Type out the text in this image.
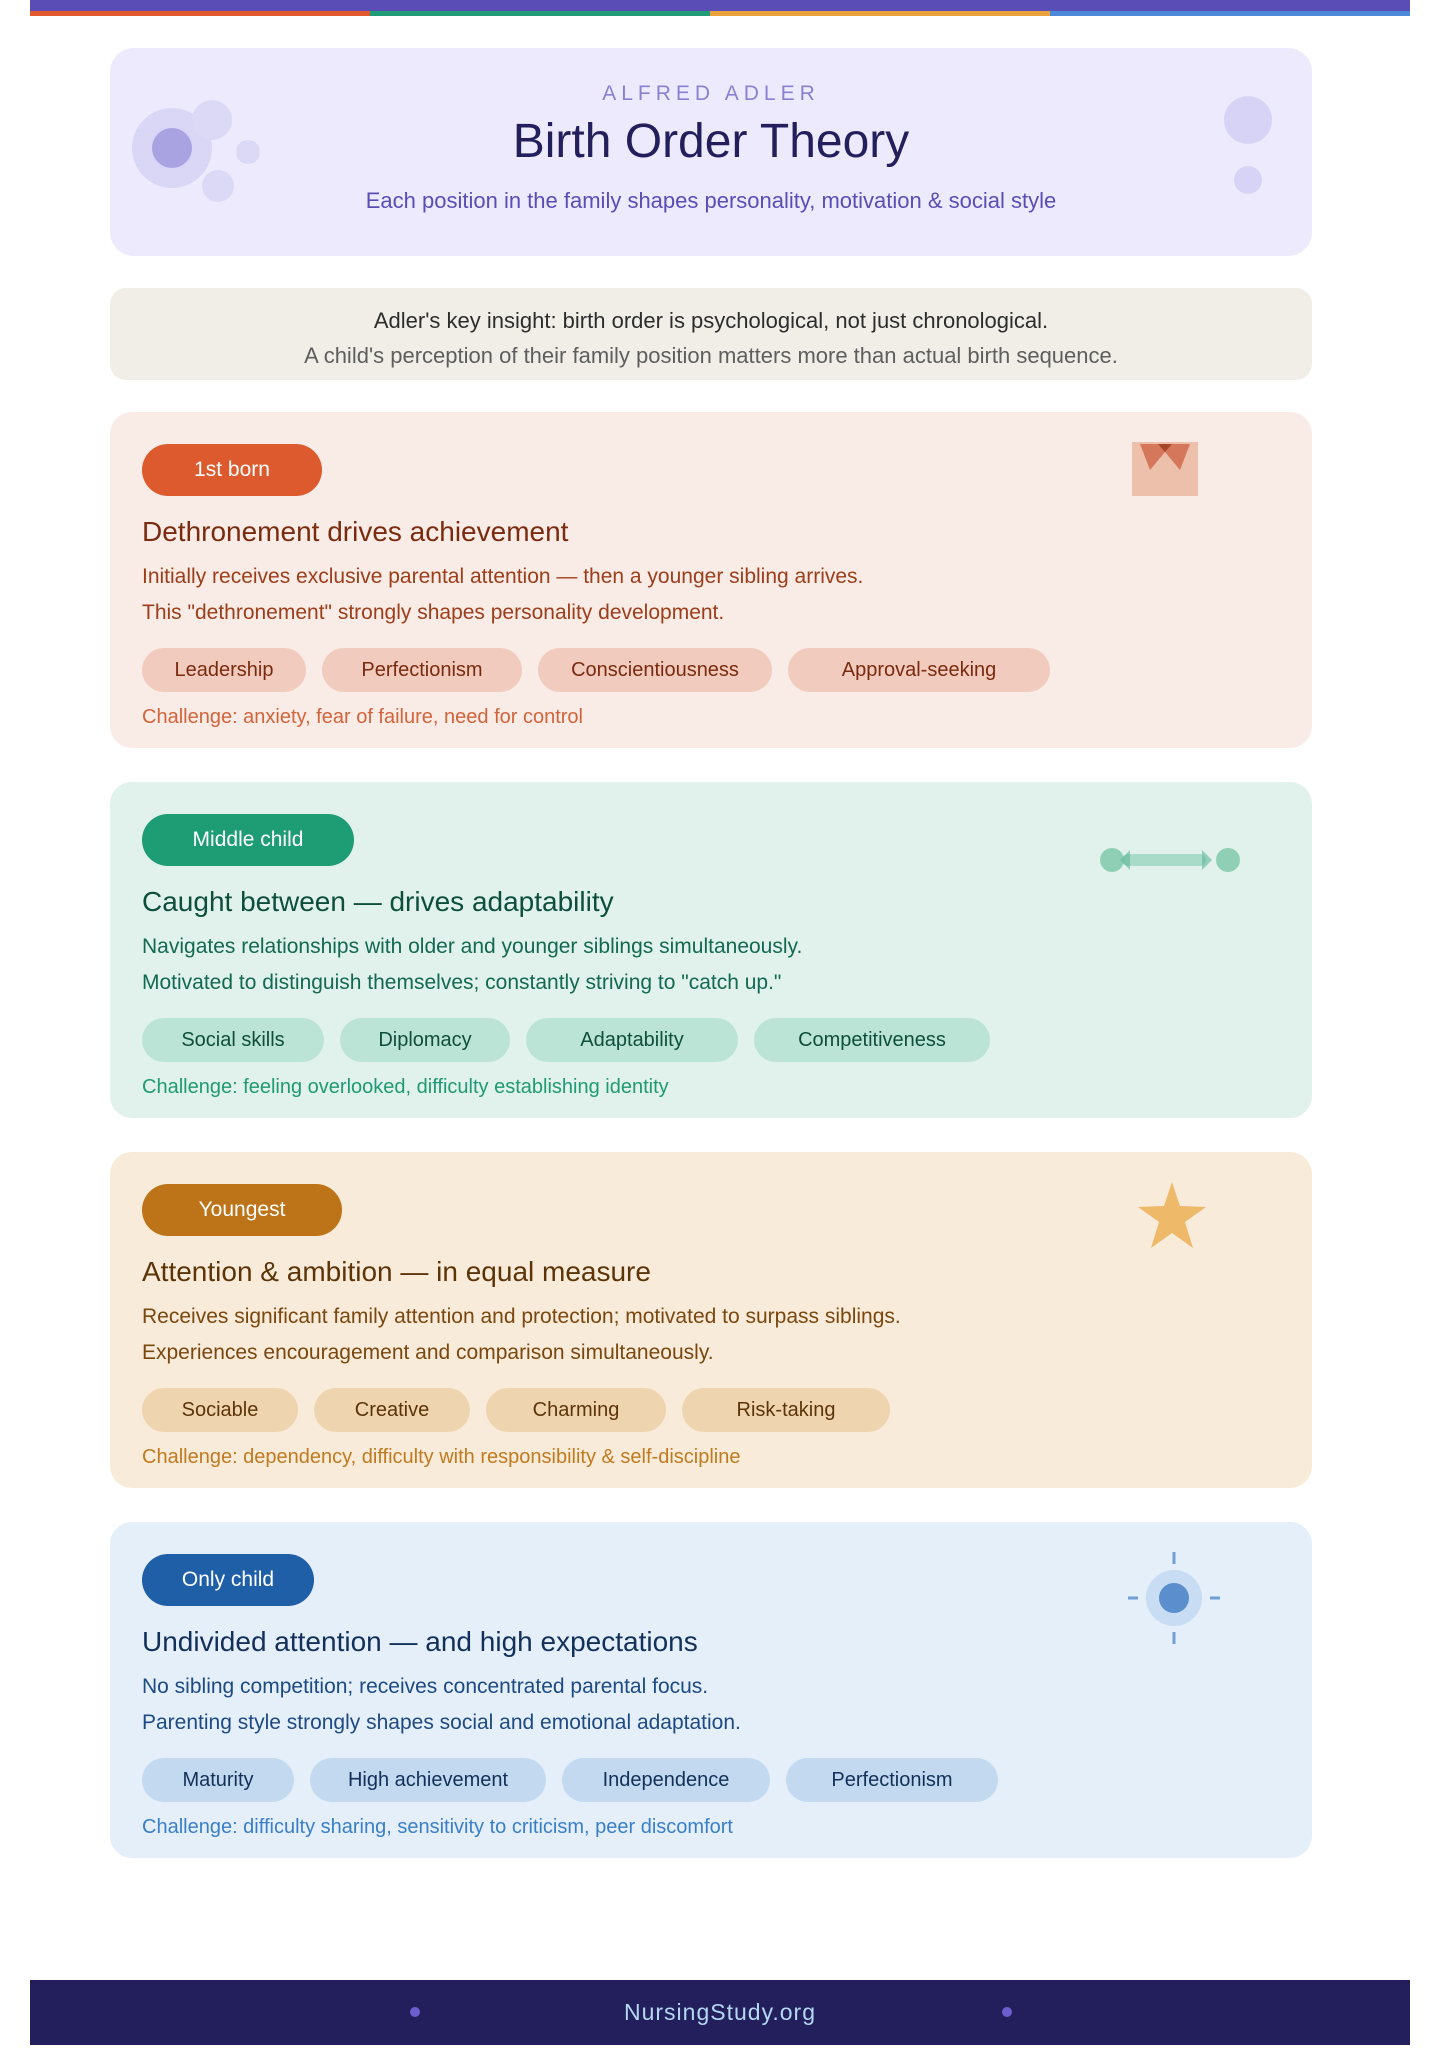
ALFRED ADLER
Birth Order Theory
Each position in the family shapes personality, motivation & social style
Adler's key insight: birth order is psychological, not just chronological.
A child's perception of their family position matters more than actual birth sequence.
1st born
Dethronement drives achievement
Initially receives exclusive parental attention — then a younger sibling arrives.
This "dethronement" strongly shapes personality development.
Leadership	Perfectionism	Conscientiousness	Approval-seeking
Challenge: anxiety, fear of failure, need for control
Middle child
Caught between — drives adaptability
Navigates relationships with older and younger siblings simultaneously.
Motivated to distinguish themselves; constantly striving to "catch up."
Social skills	Diplomacy	Adaptability	Competitiveness
Challenge: feeling overlooked, difficulty establishing identity
Youngest
Attention & ambition — in equal measure
Receives significant family attention and protection; motivated to surpass siblings.
Experiences encouragement and comparison simultaneously.
Sociable	Creative	Charming	Risk-taking
Challenge: dependency, difficulty with responsibility & self-discipline
Only child
Undivided attention — and high expectations
No sibling competition; receives concentrated parental focus.
Parenting style strongly shapes social and emotional adaptation.
Maturity	High achievement	Independence	Perfectionism
Challenge: difficulty sharing, sensitivity to criticism, peer discomfort
NursingStudy.org
